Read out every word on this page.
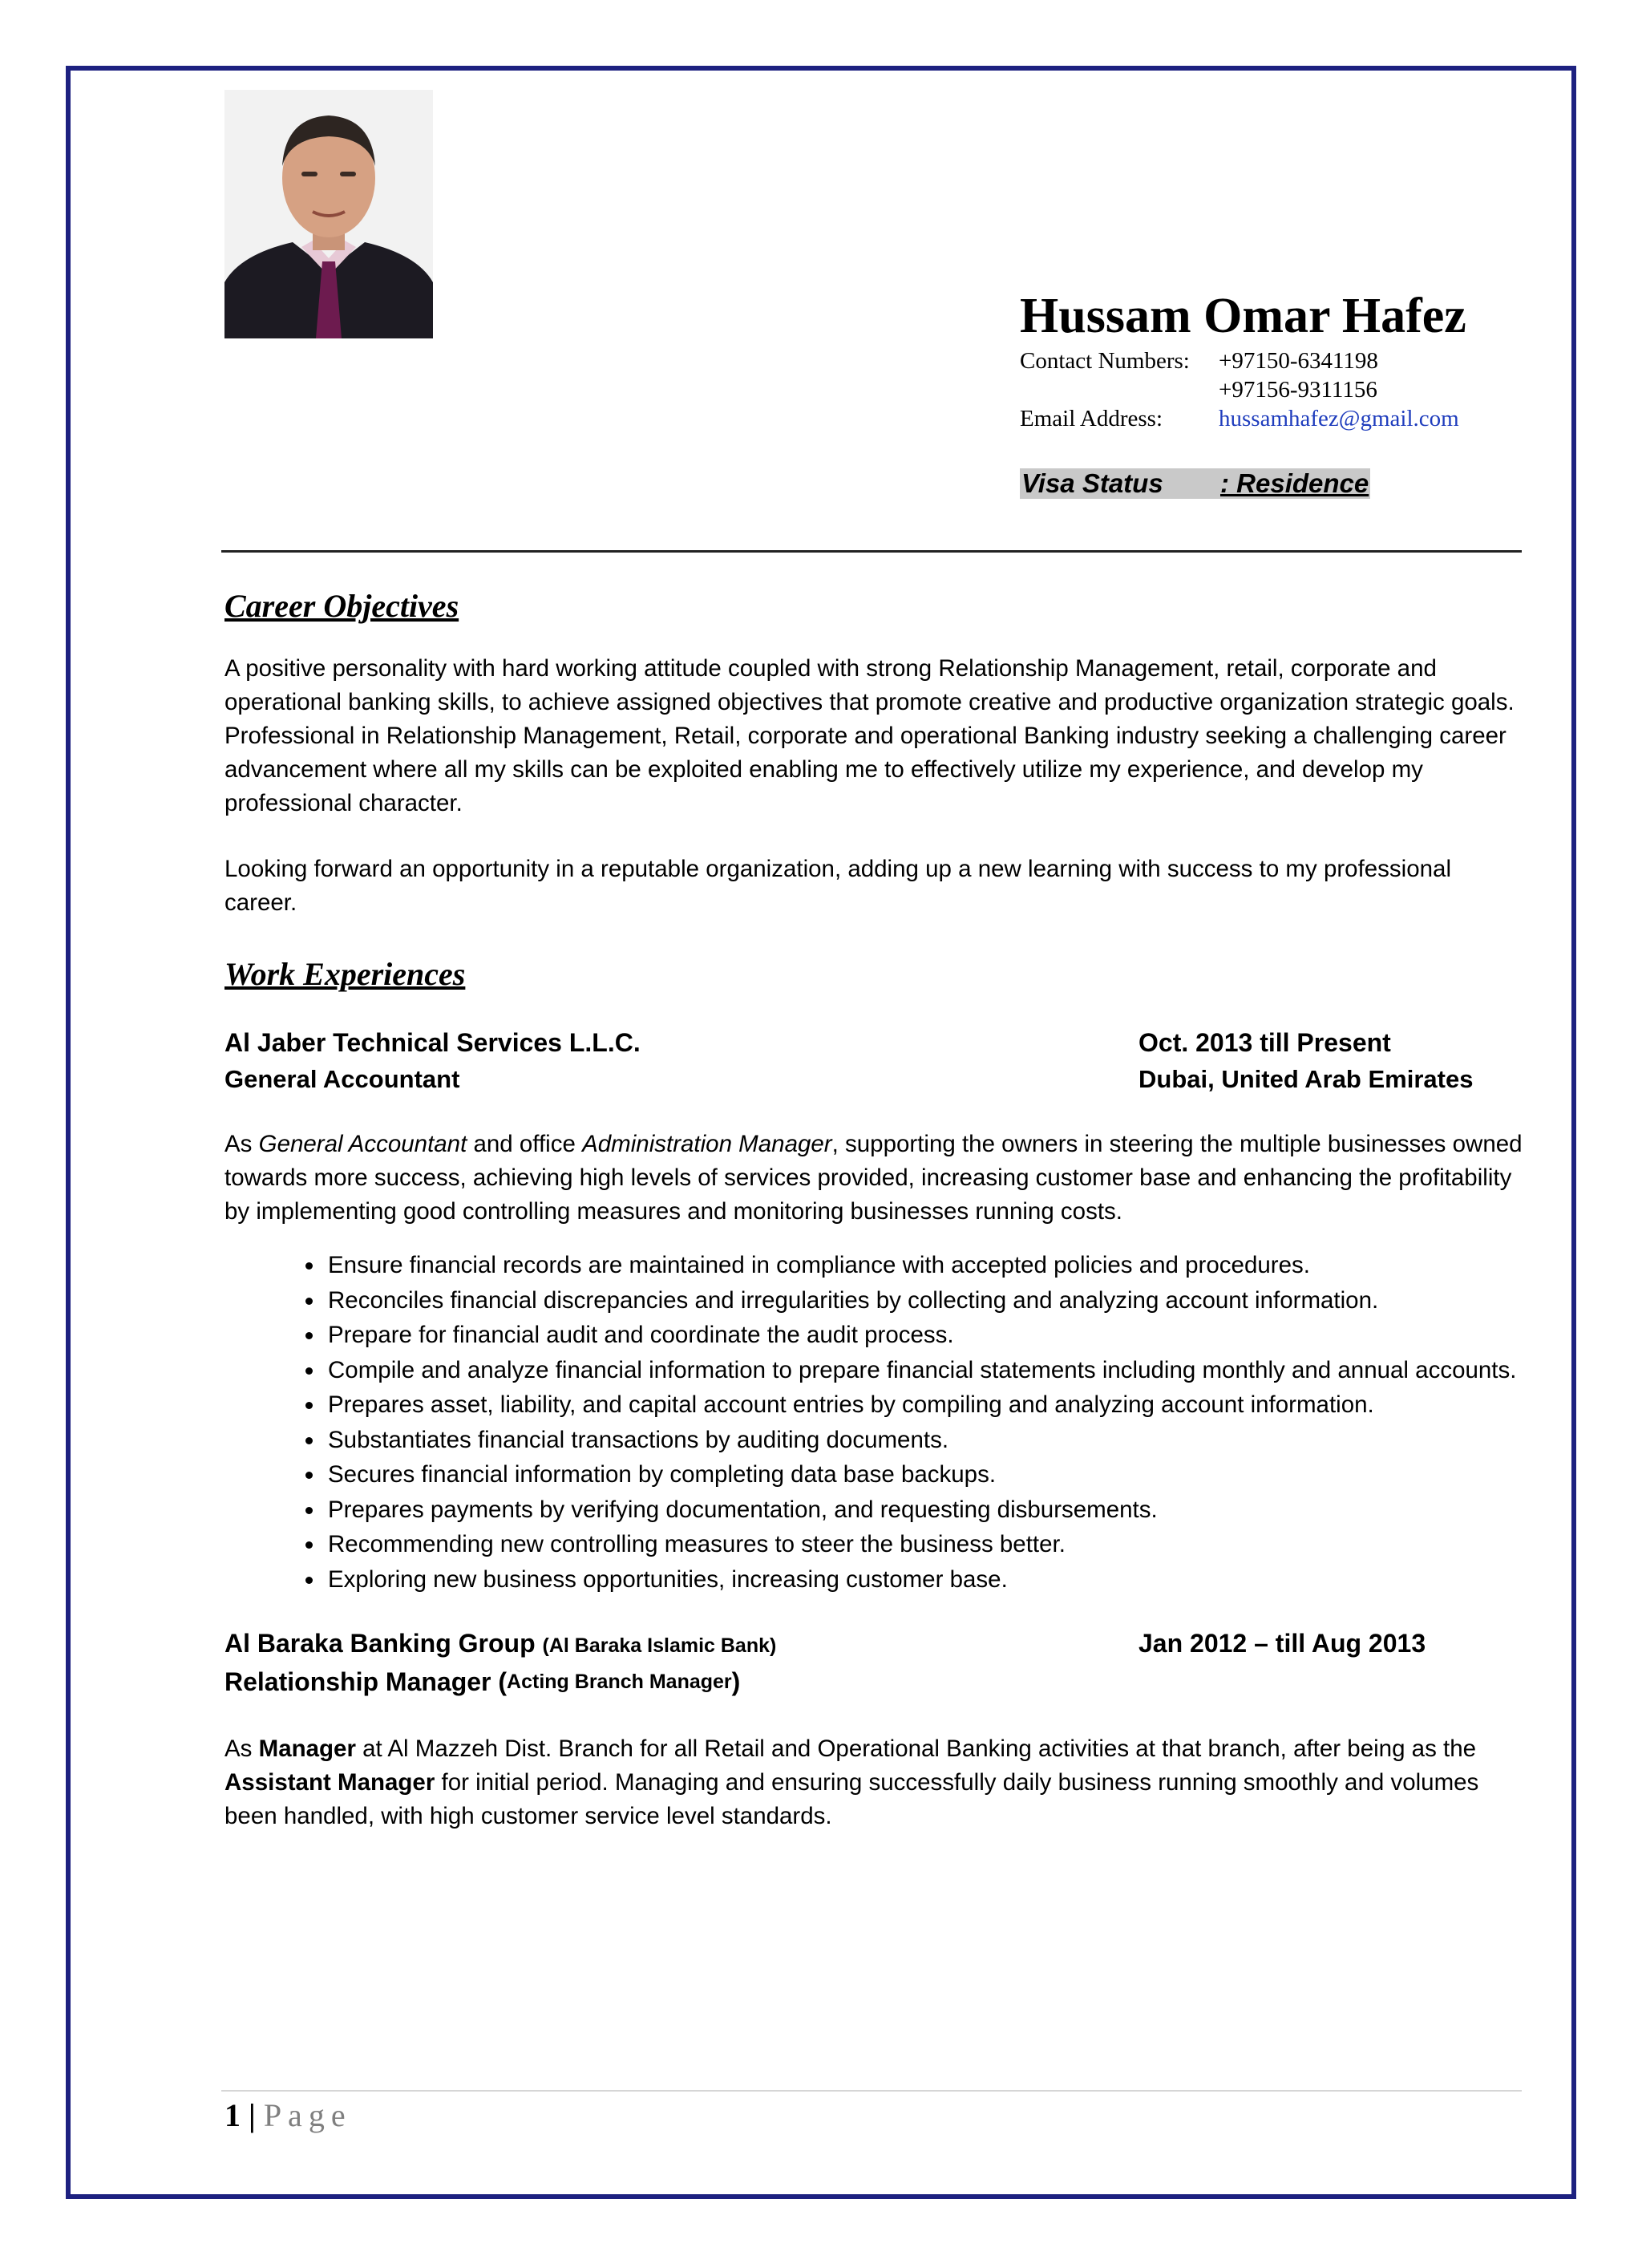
Hussam Omar Hafez
Contact Numbers:	+97150-6341198
+97156-9311156
Email Address:	hussamhafez@gmail.com
Visa Status : Residence
Career Objectives

A positive personality with hard working attitude coupled with strong Relationship Management, retail, corporate and operational banking skills, to achieve assigned objectives that promote creative and productive organization strategic goals. Professional in Relationship Management, Retail, corporate and operational Banking industry seeking a challenging career advancement where all my skills can be exploited enabling me to effectively utilize my experience, and develop my professional character.

Looking forward an opportunity in a reputable organization, adding up a new learning with success to my professional career.

Work Experiences
Al Jaber Technical Services L.L.C.	Oct. 2013 till Present
General Accountant	Dubai, United Arab Emirates

As General Accountant and office Administration Manager, supporting the owners in steering the multiple businesses owned towards more success, achieving high levels of services provided, increasing customer base and enhancing the profitability by implementing good controlling measures and monitoring businesses running costs.

• Ensure financial records are maintained in compliance with accepted policies and procedures.
• Reconciles financial discrepancies and irregularities by collecting and analyzing account information.
• Prepare for financial audit and coordinate the audit process.
• Compile and analyze financial information to prepare financial statements including monthly and annual accounts.
• Prepares asset, liability, and capital account entries by compiling and analyzing account information.
• Substantiates financial transactions by auditing documents.
• Secures financial information by completing data base backups.
• Prepares payments by verifying documentation, and requesting disbursements.
• Recommending new controlling measures to steer the business better.
• Exploring new business opportunities, increasing customer base.
Al Baraka Banking Group (Al Baraka Islamic Bank)	Jan 2012 – till Aug 2013
Relationship Manager
( Acting Branch Manager )

As Manager at Al Mazzeh Dist. Branch for all Retail and Operational Banking activities at that branch, after being as the Assistant Manager for initial period. Managing and ensuring successfully daily business running smoothly and volumes been handled, with high customer service level standards.

1 | Page
